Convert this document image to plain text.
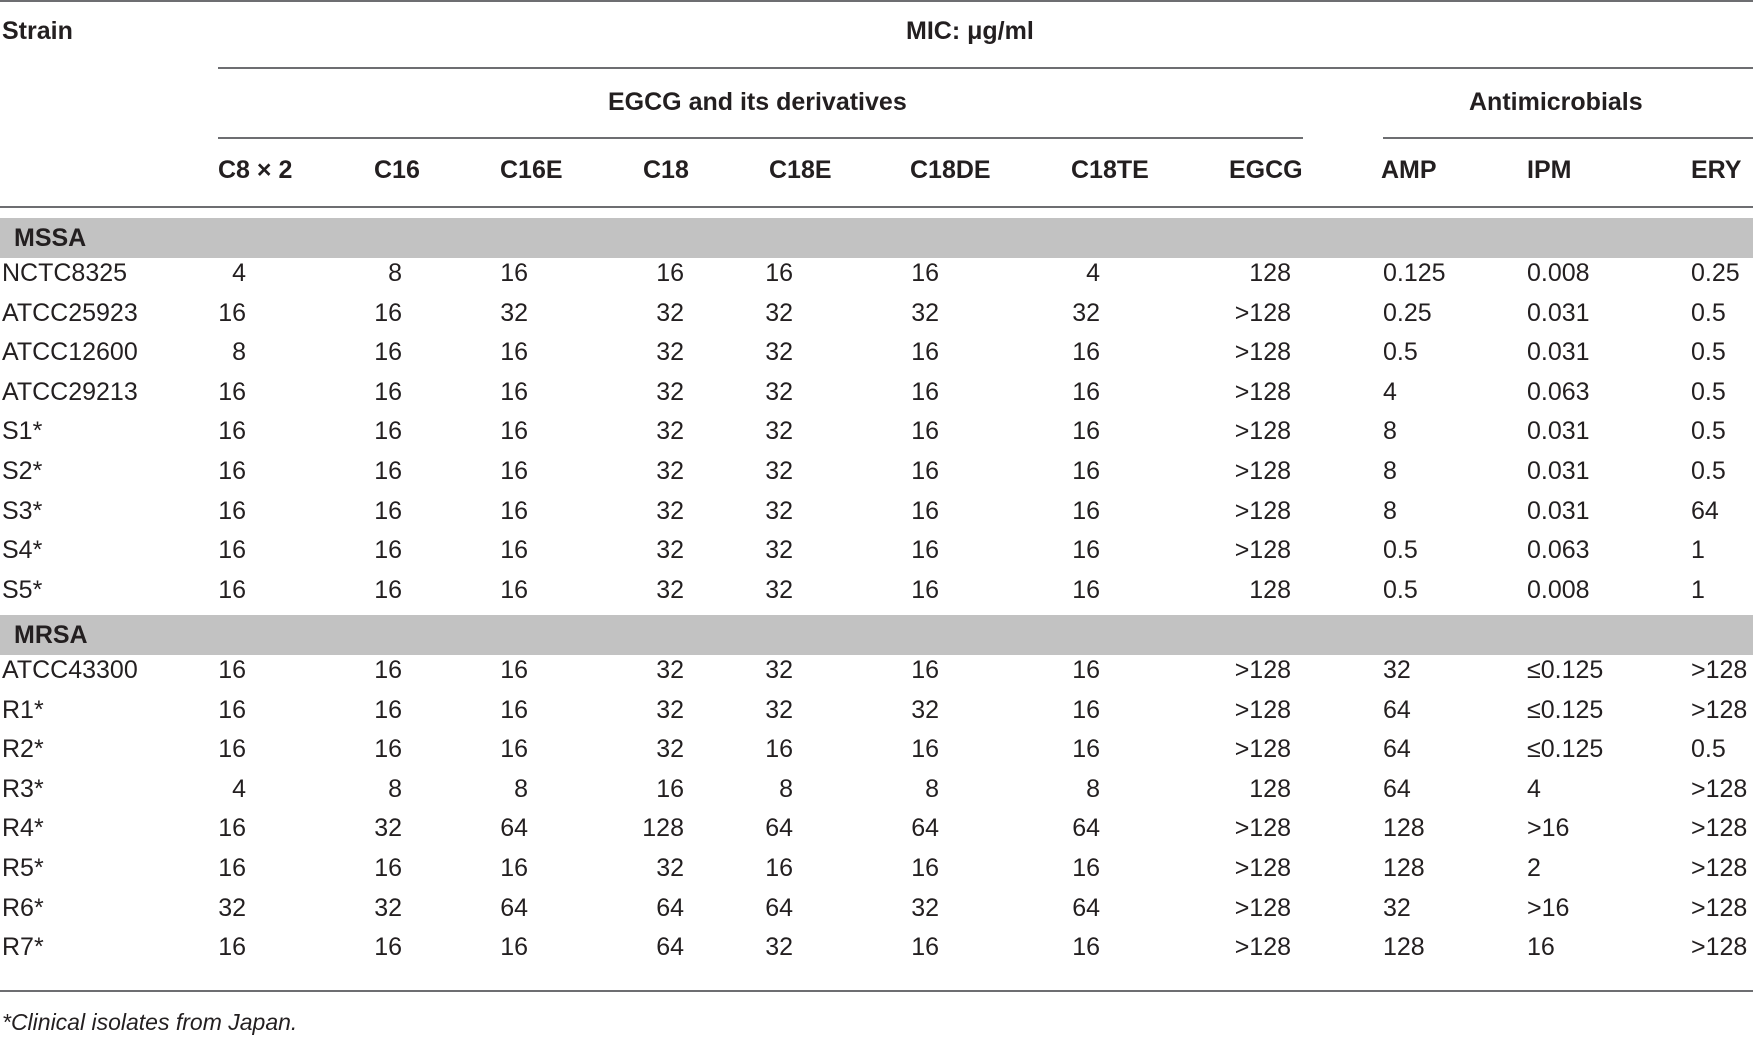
Strain	MIC: μg/ml
EGCG and its derivatives	Antimicrobials
C8 × 2	C16	C16E	C18	C18E	C18DE	C18TE	EGCG	AMP	IPM	ERY
MSSA
NCTC8325	4	8	16	16	16	16	4	128	0.125	0.008	0.25
ATCC25923	16	16	32	32	32	32	32	>128	0.25	0.031	0.5
ATCC12600	8	16	16	32	32	16	16	>128	0.5	0.031	0.5
ATCC29213	16	16	16	32	32	16	16	>128	4	0.063	0.5
S1*	16	16	16	32	32	16	16	>128	8	0.031	0.5
S2*	16	16	16	32	32	16	16	>128	8	0.031	0.5
S3*	16	16	16	32	32	16	16	>128	8	0.031	64
S4*	16	16	16	32	32	16	16	>128	0.5	0.063	1
S5*	16	16	16	32	32	16	16	128	0.5	0.008	1
MRSA
ATCC43300	16	16	16	32	32	16	16	>128	32	≤0.125	>128
R1*	16	16	16	32	32	32	16	>128	64	≤0.125	>128
R2*	16	16	16	32	16	16	16	>128	64	≤0.125	0.5
R3*	4	8	8	16	8	8	8	128	64	4	>128
R4*	16	32	64	128	64	64	64	>128	128	>16	>128
R5*	16	16	16	32	16	16	16	>128	128	2	>128
R6*	32	32	64	64	64	32	64	>128	32	>16	>128
R7*	16	16	16	64	32	16	16	>128	128	16	>128
*Clinical isolates from Japan.
